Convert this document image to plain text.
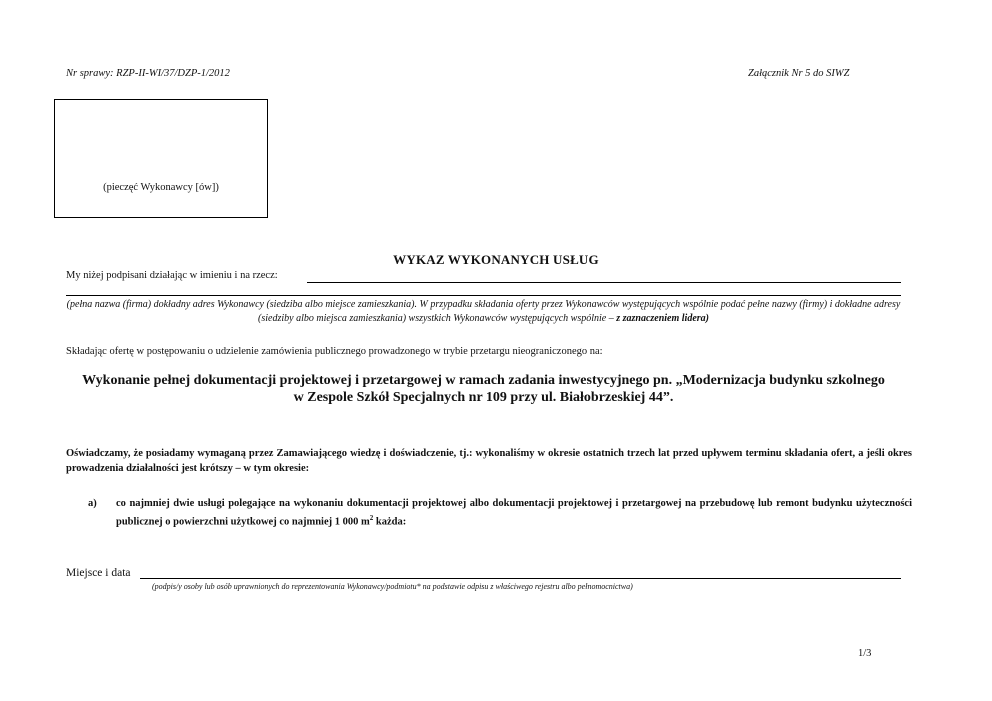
Nr sprawy: RZP-II-WI/37/DZP-1/2012	Załącznik Nr 5 do SIWZ
(pieczęć Wykonawcy [ów])
WYKAZ WYKONANYCH USŁUG
My niżej podpisani działając w imieniu i na rzecz:
(pełna nazwa (firma) dokładny adres Wykonawcy (siedziba albo miejsce zamieszkania). W przypadku składania oferty przez Wykonawców występujących wspólnie podać pełne nazwy (firmy) i dokładne adresy (siedziby albo miejsca zamieszkania) wszystkich Wykonawców występujących wspólnie – z zaznaczeniem lidera)
Składając ofertę w postępowaniu o udzielenie zamówienia publicznego prowadzonego w trybie przetargu nieograniczonego na:
Wykonanie pełnej dokumentacji projektowej i przetargowej w ramach zadania inwestycyjnego pn. „Modernizacja budynku szkolnego
w Zespole Szkół Specjalnych nr 109 przy ul. Białobrzeskiej 44”.
Oświadczamy, że posiadamy wymaganą przez Zamawiającego wiedzę i doświadczenie, tj.: wykonaliśmy w okresie ostatnich trzech lat przed upływem terminu składania ofert, a jeśli okres prowadzenia działalności jest krótszy – w tym okresie:
a)	co najmniej dwie usługi polegające na wykonaniu dokumentacji projektowej albo dokumentacji projektowej i przetargowej na przebudowę lub remont budynku użyteczności publicznej o powierzchni użytkowej co najmniej 1 000 $m^2$ każda:
Miejsce i data
(podpis/y osoby lub osób uprawnionych do reprezentowania Wykonawcy/podmiotu* na podstawie odpisu z właściwego rejestru albo pełnomocnictwa)
1/3
